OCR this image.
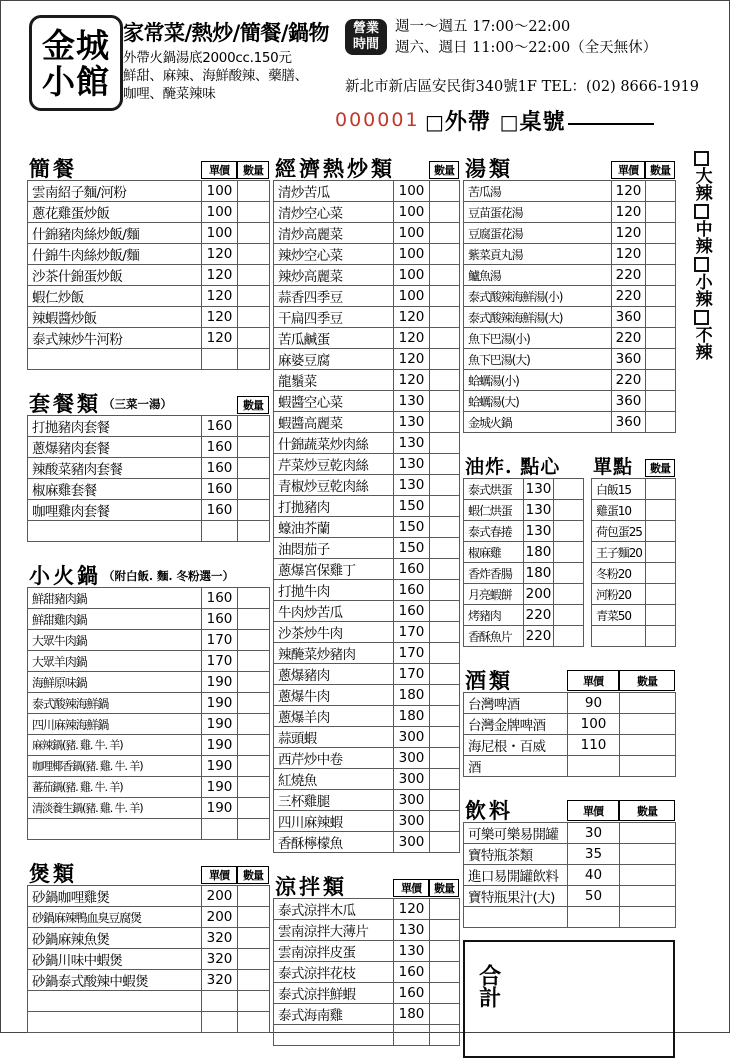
金城
小館
家常菜/熱炒/簡餐/鍋物
外帶火鍋湯底2000cc.150元
鮮甜、麻辣、海鮮酸辣、藥膳、
咖哩、醃菜辣味
營業
時間
週一～週五 17:00～22:00
週六、週日 11:00～22:00（全天無休）
新北市新店區安民街340號1F TEL：(02) 8666-1919
000001 □外帶 □桌號
簡餐	單價	數量
雲南紹子麵/河粉	100	
蔥花雞蛋炒飯	100	
什錦豬肉絲炒飯/麵	100	
什錦牛肉絲炒飯/麵	120	
沙茶什錦蛋炒飯	120	
蝦仁炒飯	120	
辣蝦醬炒飯	120	
泰式辣炒牛河粉	120	

套餐類 （三菜一湯）	數量
打拋豬肉套餐	160	
蔥爆豬肉套餐	160	
辣酸菜豬肉套餐	160	
椒麻雞套餐	160	
咖哩雞肉套餐	160	

小火鍋 （附白飯. 麵. 冬粉選一）
鮮甜豬肉鍋	160	
鮮甜雞肉鍋	160	
大眾牛肉鍋	170	
大眾羊肉鍋	170	
海鮮原味鍋	190	
泰式酸辣海鮮鍋	190	
四川麻辣海鮮鍋	190	
麻辣鍋(豬. 雞. 牛. 羊)	190	
咖哩椰香鍋(豬. 雞. 牛. 羊)	190	
蕃茄鍋(豬. 雞. 牛. 羊)	190	
清淡養生鍋(豬. 雞. 牛. 羊)	190	

煲類	單價	數量
砂鍋咖哩雞煲	200	
砂鍋麻辣鴨血臭豆腐煲	200	
砂鍋麻辣魚煲	320	
砂鍋川味中蝦煲	320	
砂鍋泰式酸辣中蝦煲	320	

經濟熱炒類	數量
清炒苦瓜	100	
清炒空心菜	100	
清炒高麗菜	100	
辣炒空心菜	100	
辣炒高麗菜	100	
蒜香四季豆	100	
干扁四季豆	120	
苦瓜鹹蛋	120	
麻婆豆腐	120	
龍鬚菜	120	
蝦醬空心菜	130	
蝦醬高麗菜	130	
什錦蔬菜炒肉絲	130	
芹菜炒豆乾肉絲	130	
青椒炒豆乾肉絲	130	
打拋豬肉	150	
蠔油芥蘭	150	
油悶茄子	150	
蔥爆宮保雞丁	160	
打拋牛肉	160	
牛肉炒苦瓜	160	
沙茶炒牛肉	170	
辣醃菜炒豬肉	170	
蔥爆豬肉	170	
蔥爆牛肉	180	
蔥爆羊肉	180	
蒜頭蝦	300	
西芹炒中卷	300	
紅燒魚	300	
三杯雞腿	300	
四川麻辣蝦	300	
香酥檸檬魚	300	
涼拌類	單價	數量
泰式涼拌木瓜	120	
雲南涼拌大薄片	130	
雲南涼拌皮蛋	130	
泰式涼拌花枝	160	
泰式涼拌鮮蝦	160	
泰式海南雞	180	

湯類	單價	數量
苦瓜湯	120	
豆苗蛋花湯	120	
豆腐蛋花湯	120	
紫菜貢丸湯	120	
鱸魚湯	220	
泰式酸辣海鮮湯(小)	220	
泰式酸辣海鮮湯(大)	360	
魚下巴湯(小)	220	
魚下巴湯(大)	360	
蛤蠣湯(小)	220	
蛤蠣湯(大)	360	
金城火鍋	360	
油炸. 點心
泰式烘蛋	130	
蝦仁烘蛋	130	
泰式春捲	130	
椒麻雞	180	
香炸香腸	180	
月亮蝦餅	200	
烤豬肉	220	
香酥魚片	220	
單點	數量
白飯15	
雞蛋10	
荷包蛋25	
王子麵20	
冬粉20	
河粉20	
青菜50	

酒類	單價	數量
台灣啤酒	90	
台灣金牌啤酒	100	
海尼根・百威	110	
酒		
飲料	單價	數量
可樂可樂易開罐	30	
寶特瓶茶類	35	
進口易開罐飲料	40	
寶特瓶果汁(大)	50	

合計
大辣
中辣
小辣
不辣
